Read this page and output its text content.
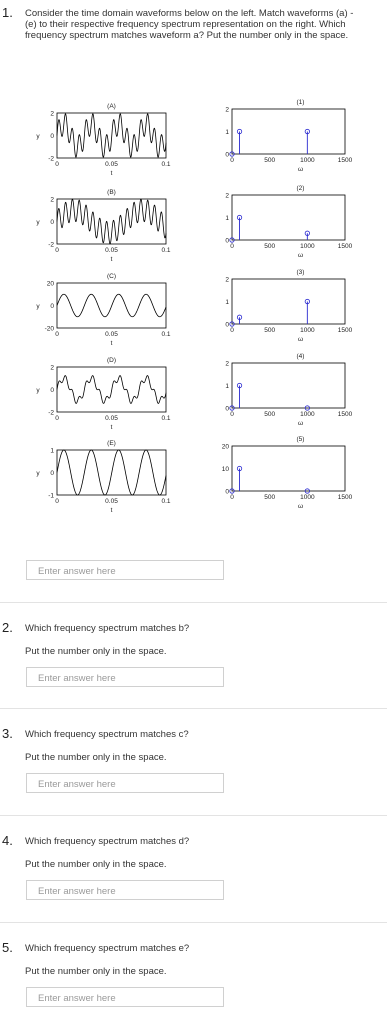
1. Consider the time domain waveforms below on the left. Match waveforms (a) - (e) to their respective frequency spectrum representation on the right. Which frequency spectrum matches waveform a? Put the number only in the space.
(A)
2
0
-2
y
0	0.05	0.1
t
(B)
2
0
-2
y
0	0.05	0.1
t
(C)
20
0
-20
y
0	0.05	0.1
t
(D)
2
0
-2
y
0	0.05	0.1
t
(E)
1
0
-1
y
0	0.05	0.1
t
(1)
2
1
0
0	500	1000	1500
ω
(2)
2
1
0
0	500	1000	1500
ω
(3)
2
1
0
0	500	1000	1500
ω
(4)
2
1
0
0	500	1000	1500
ω
(5)
20
10
0
0	500	1000	1500
ω
Enter answer here
2. Which frequency spectrum matches b?
Put the number only in the space.
Enter answer here
3. Which frequency spectrum matches c?
Put the number only in the space.
Enter answer here
4. Which frequency spectrum matches d?
Put the number only in the space.
Enter answer here
5. Which frequency spectrum matches e?
Put the number only in the space.
Enter answer here
